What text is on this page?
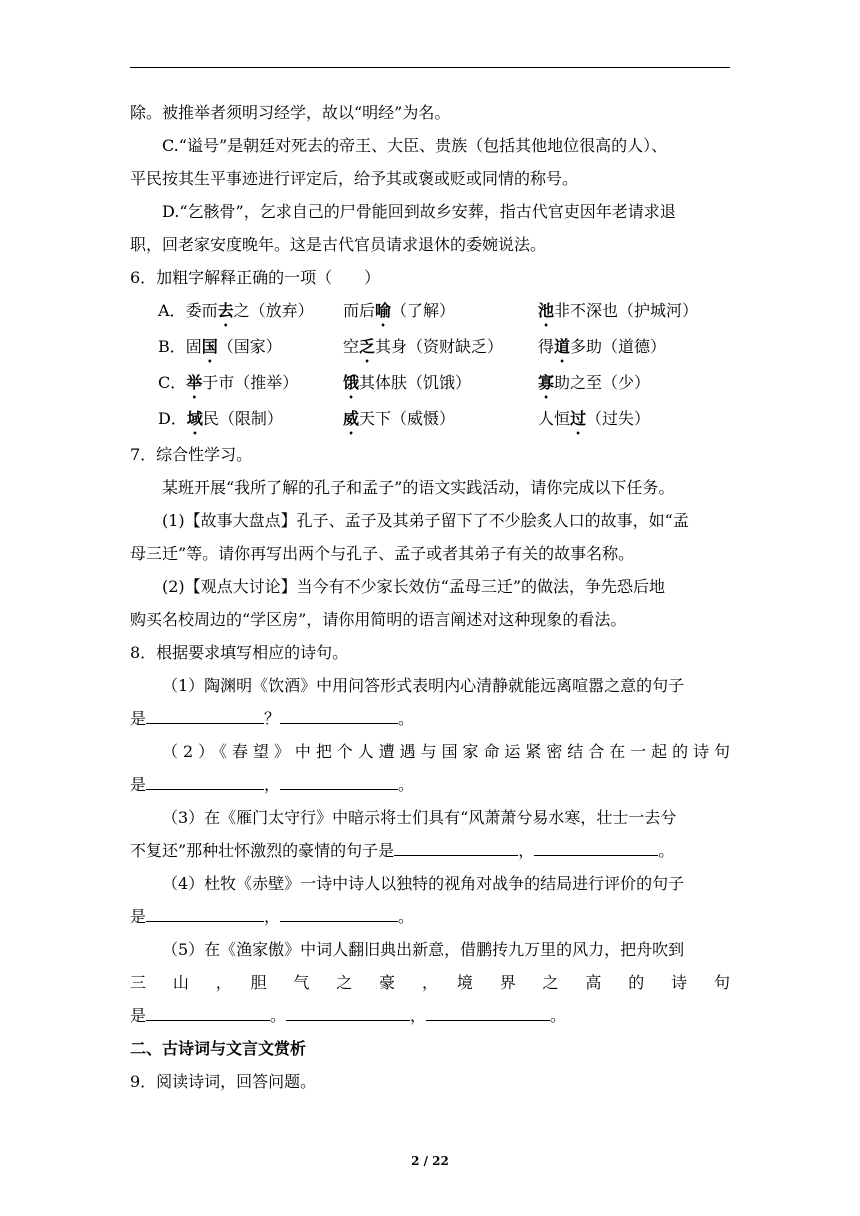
除。被推举者须明习经学，故以“明经”为名。
C.“谥号”是朝廷对死去的帝王、大臣、贵族（包括其他地位很高的人）、
平民按其生平事迹进行评定后，给予其或褒或贬或同情的称号。
D.“乞骸骨”，乞求自己的尸骨能回到故乡安葬，指古代官吏因年老请求退
职，回老家安度晚年。这是古代官员请求退休的委婉说法。
6．加粗字解释正确的一项（　　）
A．委而去之（放弃）	而后喻（了解）	池非不深也（护城河）
B．固国（国家）	空乏其身（资财缺乏）	得道多助（道德）
C．举于市（推举）	饿其体肤（饥饿）	寡助之至（少）
D．域民（限制）	威天下（威慑）	人恒过（过失）
7．综合性学习。
某班开展“我所了解的孔子和孟子”的语文实践活动，请你完成以下任务。
(1)【故事大盘点】孔子、孟子及其弟子留下了不少脍炙人口的故事，如“孟
母三迁”等。请你再写出两个与孔子、孟子或者其弟子有关的故事名称。
(2)【观点大讨论】当今有不少家长效仿“孟母三迁”的做法，争先恐后地
购买名校周边的“学区房”，请你用简明的语言阐述对这种现象的看法。
8．根据要求填写相应的诗句。
（1）陶渊明《饮酒》中用问答形式表明内心清静就能远离喧嚣之意的句子
是	？	。
（2）《春望》中把个人遭遇与国家命运紧密结合在一起的诗句
是	，	。
（3）在《雁门太守行》中暗示将士们具有“风萧萧兮易水寒，壮士一去兮
不复还”那种壮怀激烈的豪情的句子是	，	。
（4）杜牧《赤壁》一诗中诗人以独特的视角对战争的结局进行评价的句子
是	，	。
（5）在《渔家傲》中词人翻旧典出新意，借鹏抟九万里的风力，把舟吹到
三　山　，　胆　气　之　豪　，　境　界　之　高　的　诗　句
是	。	，	。
二、古诗词与文言文赏析
9．阅读诗词，回答问题。
2 / 22
